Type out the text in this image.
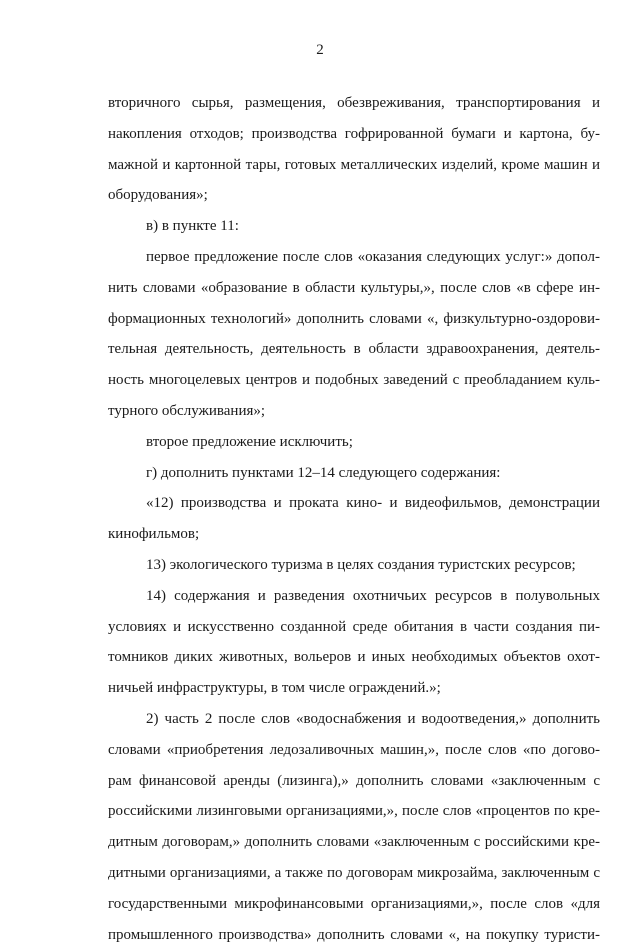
2
вторичного сырья, размещения, обезвреживания, транспортирования и
накопления отходов; производства гофрированной бумаги и картона, бу-
мажной и картонной тары, готовых металлических изделий, кроме машин и
оборудования»;
в) в пункте 11:
первое предложение после слов «оказания следующих услуг:» допол-
нить словами «образование в области культуры,», после слов «в сфере ин-
формационных технологий» дополнить словами «, физкультурно-оздорови-
тельная деятельность, деятельность в области здравоохранения, деятель-
ность многоцелевых центров и подобных заведений с преобладанием куль-
турного обслуживания»;
второе предложение исключить;
г) дополнить пунктами 12–14 следующего содержания:
«12) производства и проката кино- и видеофильмов, демонстрации
кинофильмов;
13) экологического туризма в целях создания туристских ресурсов;
14) содержания и разведения охотничьих ресурсов в полувольных
условиях и искусственно созданной среде обитания в части создания пи-
томников диких животных, вольеров и иных необходимых объектов охот-
ничьей инфраструктуры, в том числе ограждений.»;
2) часть 2 после слов «водоснабжения и водоотведения,» дополнить
словами «приобретения ледозаливочных машин,», после слов «по догово-
рам финансовой аренды (лизинга),» дополнить словами «заключенным с
российскими лизинговыми организациями,», после слов «процентов по кре-
дитным договорам,» дополнить словами «заключенным с российскими кре-
дитными организациями, а также по договорам микрозайма, заключенным с
государственными микрофинансовыми организациями,», после слов «для
промышленного производства» дополнить словами «, на покупку туристи-
